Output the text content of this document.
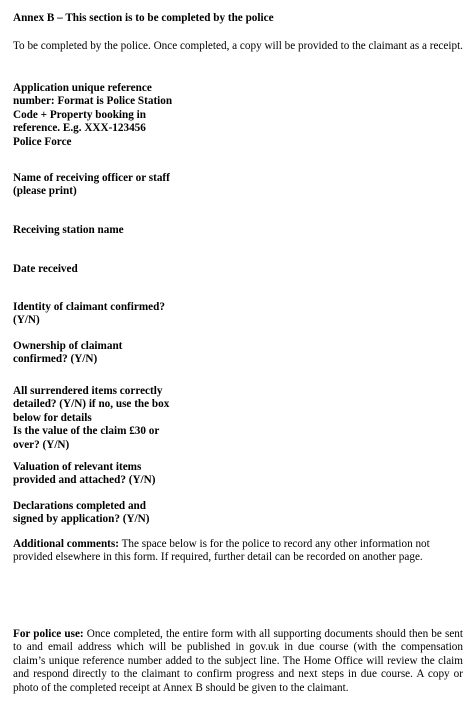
Annex B – This section is to be completed by the police

To be completed by the police. Once completed, a copy will be provided to the claimant as a receipt.

Application unique reference
number: Format is Police Station
Code + Property booking in
reference. E.g. XXX-123456
Police Force
Name of receiving officer or staff
(please print)
Receiving station name
Date received
Identity of claimant confirmed?
(Y/N)
Ownership of claimant
confirmed? (Y/N)
All surrendered items correctly
detailed? (Y/N) if no, use the box
below for details
Is the value of the claim £30 or
over? (Y/N)
Valuation of relevant items
provided and attached? (Y/N)
Declarations completed and
signed by application? (Y/N)

Additional comments: The space below is for the police to record any other information not provided elsewhere in this form. If required, further detail can be recorded on another page.

For police use: Once completed, the entire form with all supporting documents should then be sent to and email address which will be published in gov.uk in due course (with the compensation claim’s unique reference number added to the subject line. The Home Office will review the claim and respond directly to the claimant to confirm progress and next steps in due course. A copy or photo of the completed receipt at Annex B should be given to the claimant.
